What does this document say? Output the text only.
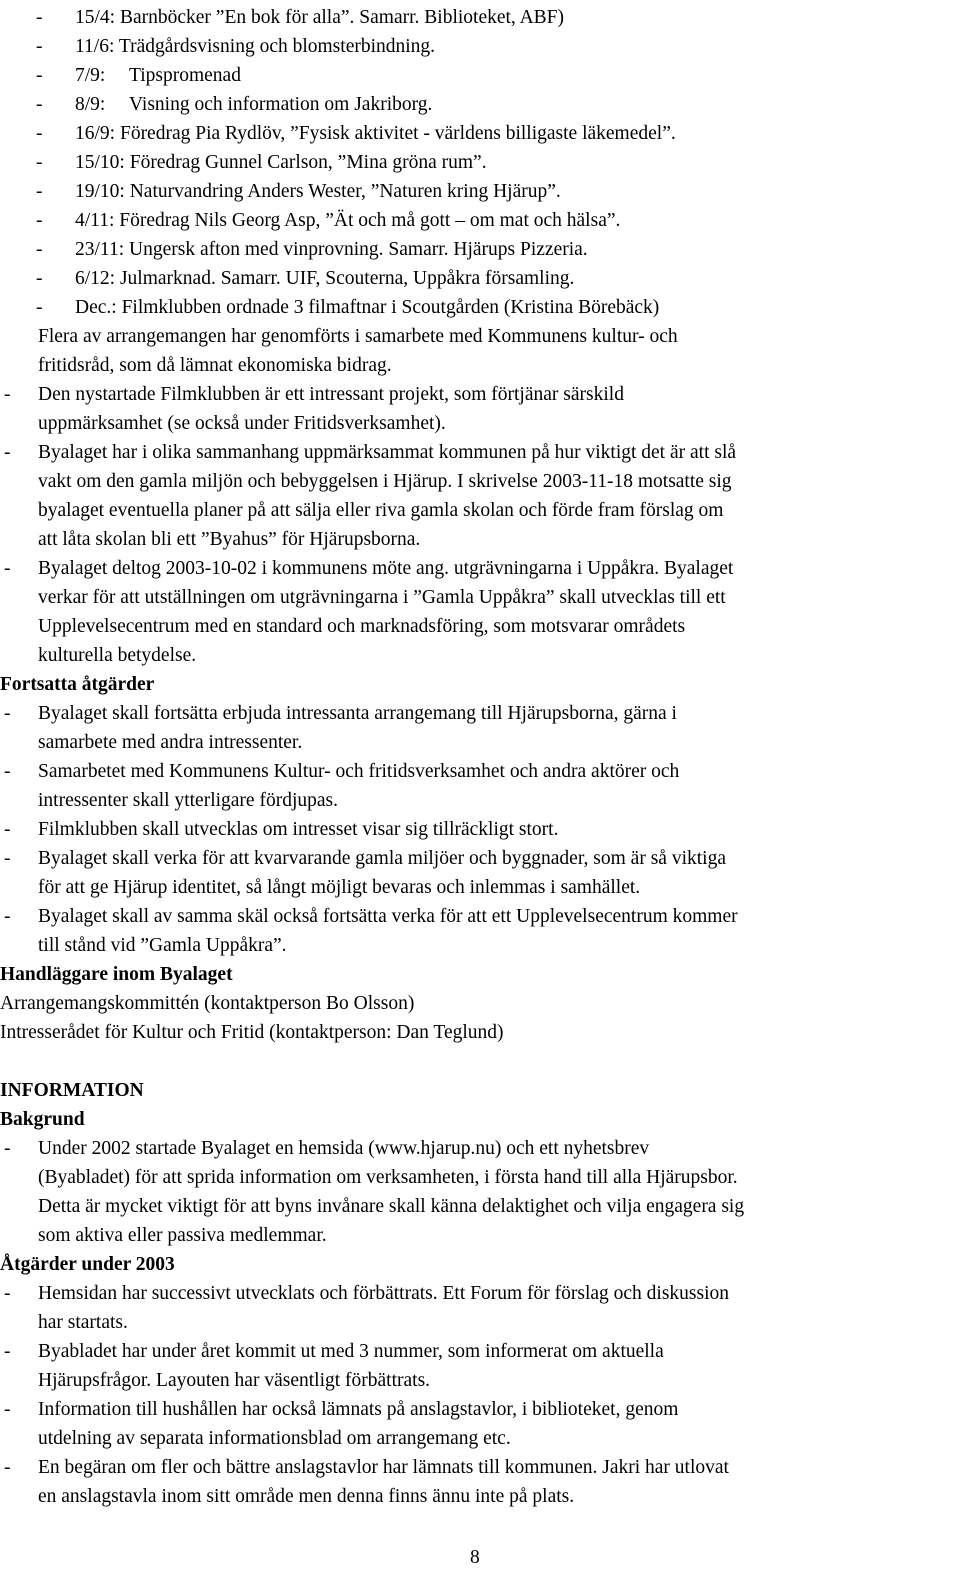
- 15/4: Barnböcker ”En bok för alla”. Samarr. Biblioteket, ABF)
- 11/6: Trädgårdsvisning och blomsterbindning.
- 7/9: Tipspromenad
- 8/9: Visning och information om Jakriborg.
- 16/9: Föredrag Pia Rydlöv, ”Fysisk aktivitet - världens billigaste läkemedel”.
- 15/10: Föredrag Gunnel Carlson, ”Mina gröna rum”.
- 19/10: Naturvandring Anders Wester, ”Naturen kring Hjärup”.
- 4/11: Föredrag Nils Georg Asp, ”Ät och må gott – om mat och hälsa”.
- 23/11: Ungersk afton med vinprovning. Samarr. Hjärups Pizzeria.
- 6/12: Julmarknad. Samarr. UIF, Scouterna, Uppåkra församling.
- Dec.: Filmklubben ordnade 3 filmaftnar i Scoutgården (Kristina Börebäck)
Flera av arrangemangen har genomförts i samarbete med Kommunens kultur- och
fritidsråd, som då lämnat ekonomiska bidrag.
- Den nystartade Filmklubben är ett intressant projekt, som förtjänar särskild
uppmärksamhet (se också under Fritidsverksamhet).
- Byalaget har i olika sammanhang uppmärksammat kommunen på hur viktigt det är att slå
vakt om den gamla miljön och bebyggelsen i Hjärup. I skrivelse 2003-11-18 motsatte sig
byalaget eventuella planer på att sälja eller riva gamla skolan och förde fram förslag om
att låta skolan bli ett ”Byahus” för Hjärupsborna.
- Byalaget deltog 2003-10-02 i kommunens möte ang. utgrävningarna i Uppåkra. Byalaget
verkar för att utställningen om utgrävningarna i ”Gamla Uppåkra” skall utvecklas till ett
Upplevelsecentrum med en standard och marknadsföring, som motsvarar områdets
kulturella betydelse.
Fortsatta åtgärder
- Byalaget skall fortsätta erbjuda intressanta arrangemang till Hjärupsborna, gärna i
samarbete med andra intressenter.
- Samarbetet med Kommunens Kultur- och fritidsverksamhet och andra aktörer och
intressenter skall ytterligare fördjupas.
- Filmklubben skall utvecklas om intresset visar sig tillräckligt stort.
- Byalaget skall verka för att kvarvarande gamla miljöer och byggnader, som är så viktiga
för att ge Hjärup identitet, så långt möjligt bevaras och inlemmas i samhället.
- Byalaget skall av samma skäl också fortsätta verka för att ett Upplevelsecentrum kommer
till stånd vid ”Gamla Uppåkra”.
Handläggare inom Byalaget
Arrangemangskommittén (kontaktperson Bo Olsson)
Intresserådet för Kultur och Fritid (kontaktperson: Dan Teglund)
INFORMATION
Bakgrund
- Under 2002 startade Byalaget en hemsida (www.hjarup.nu) och ett nyhetsbrev
(Byabladet) för att sprida information om verksamheten, i första hand till alla Hjärupsbor.
Detta är mycket viktigt för att byns invånare skall känna delaktighet och vilja engagera sig
som aktiva eller passiva medlemmar.
Åtgärder under 2003
- Hemsidan har successivt utvecklats och förbättrats. Ett Forum för förslag och diskussion
har startats.
- Byabladet har under året kommit ut med 3 nummer, som informerat om aktuella
Hjärupsfrågor. Layouten har väsentligt förbättrats.
- Information till hushållen har också lämnats på anslagstavlor, i biblioteket, genom
utdelning av separata informationsblad om arrangemang etc.
- En begäran om fler och bättre anslagstavlor har lämnats till kommunen. Jakri har utlovat
en anslagstavla inom sitt område men denna finns ännu inte på plats.
8
